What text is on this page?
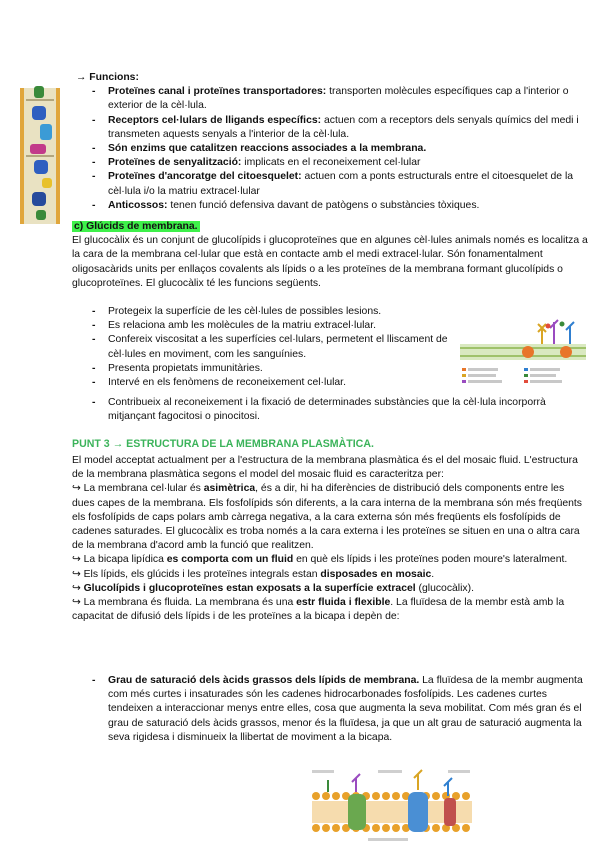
→ Funcions:
- Proteïnes canal i proteïnes transportadores: transporten molècules específiques cap a l'interior o exterior de la cèl·lula.
- Receptors cel·lulars de lligands específics: actuen com a receptors dels senyals químics del medi i transmeten aquests senyals a l'interior de la cèl·lula.
- Són enzims que catalitzen reaccions associades a la membrana.
- Proteïnes de senyalització: implicats en el reconeixement cel·lular
- Proteïnes d'ancoratge del citoesquelet: actuen com a ponts estructurals entre el citoesquelet de la cèl·lula i/o la matriu extracel·lular
- Anticossos: tenen funció defensiva davant de patògens o substàncies tòxiques.
c) Glúcids de membrana.
El glucocàlix és un conjunt de glucolípids i glucoproteïnes que en algunes cèl·lules animals només es localitza a la cara de la membrana cel·lular que està en contacte amb el medi extracel·lular. Són fonamentalment oligosacàrids units per enllaços covalents als lípids o a les proteïnes de la membrana formant glucolípids o glucoproteïnes. El glucocàlix té les funcions següents.
- Protegeix la superfície de les cèl·lules de possibles lesions.
- Es relaciona amb les molècules de la matriu extracel·lular.
- Confereix viscositat a les superfícies cel·lulars, permetent el lliscament de cèl·lules en moviment, com les sanguínies.
- Presenta propietats immunitàries.
- Intervé en els fenòmens de reconeixement cel·lular.
- Contribueix al reconeixement i la fixació de determinades substàncies que la cèl·lula incorporrà mitjançant fagocitosi o pinocitosi.
PUNT 3 → ESTRUCTURA DE LA MEMBRANA PLASMÀTICA.
El model acceptat actualment per a l'estructura de la membrana plasmàtica és el del mosaic fluid. L'estructura de la membrana plasmàtica segons el model del mosaic fluid es caracteritza per:
↪ La membrana cel·lular és asimètrica, és a dir, hi ha diferències de distribució dels components entre les dues capes de la membrana. Els fosfolípids són diferents, a la cara interna de la membrana són més freqüents els fosfolípids de caps polars amb càrrega negativa, a la cara externa són més freqüents els fosfolípids de cadenes saturades. El glucocàlix es troba només a la cara externa i les proteïnes se situen en una o altra cara de la membrana d'acord amb la funció que realitzen.
↪ La bicapa lipídica es comporta com un fluid en què els lípids i les proteïnes poden moure's lateralment.
↪ Els lípids, els glúcids i les proteïnes integrals estan disposades en mosaic.
↪ Glucolípids i glucoproteïnes estan exposats a la superfície extracel (glucocàlix).
↪ La membrana és fluida. La membrana és una estr fluida i flexible. La fluïdesa de la membr està amb la capacitat de difusió dels lípids i de les proteïnes a la bicapa i depèn de:
- Grau de saturació dels àcids grassos dels lípids de membrana. La fluïdesa de la membr augmenta com més curtes i insaturades són les cadenes hidrocarbonades fosfolípids. Les cadenes curtes tendeixen a interaccionar menys entre elles, cosa que augmenta la seva mobilitat. Com més gran és el grau de saturació dels àcids grassos, menor és la fluïdesa, ja que un alt grau de saturació augmenta la seva rigidesa i disminueix la llibertat de moviment a la bicapa.
